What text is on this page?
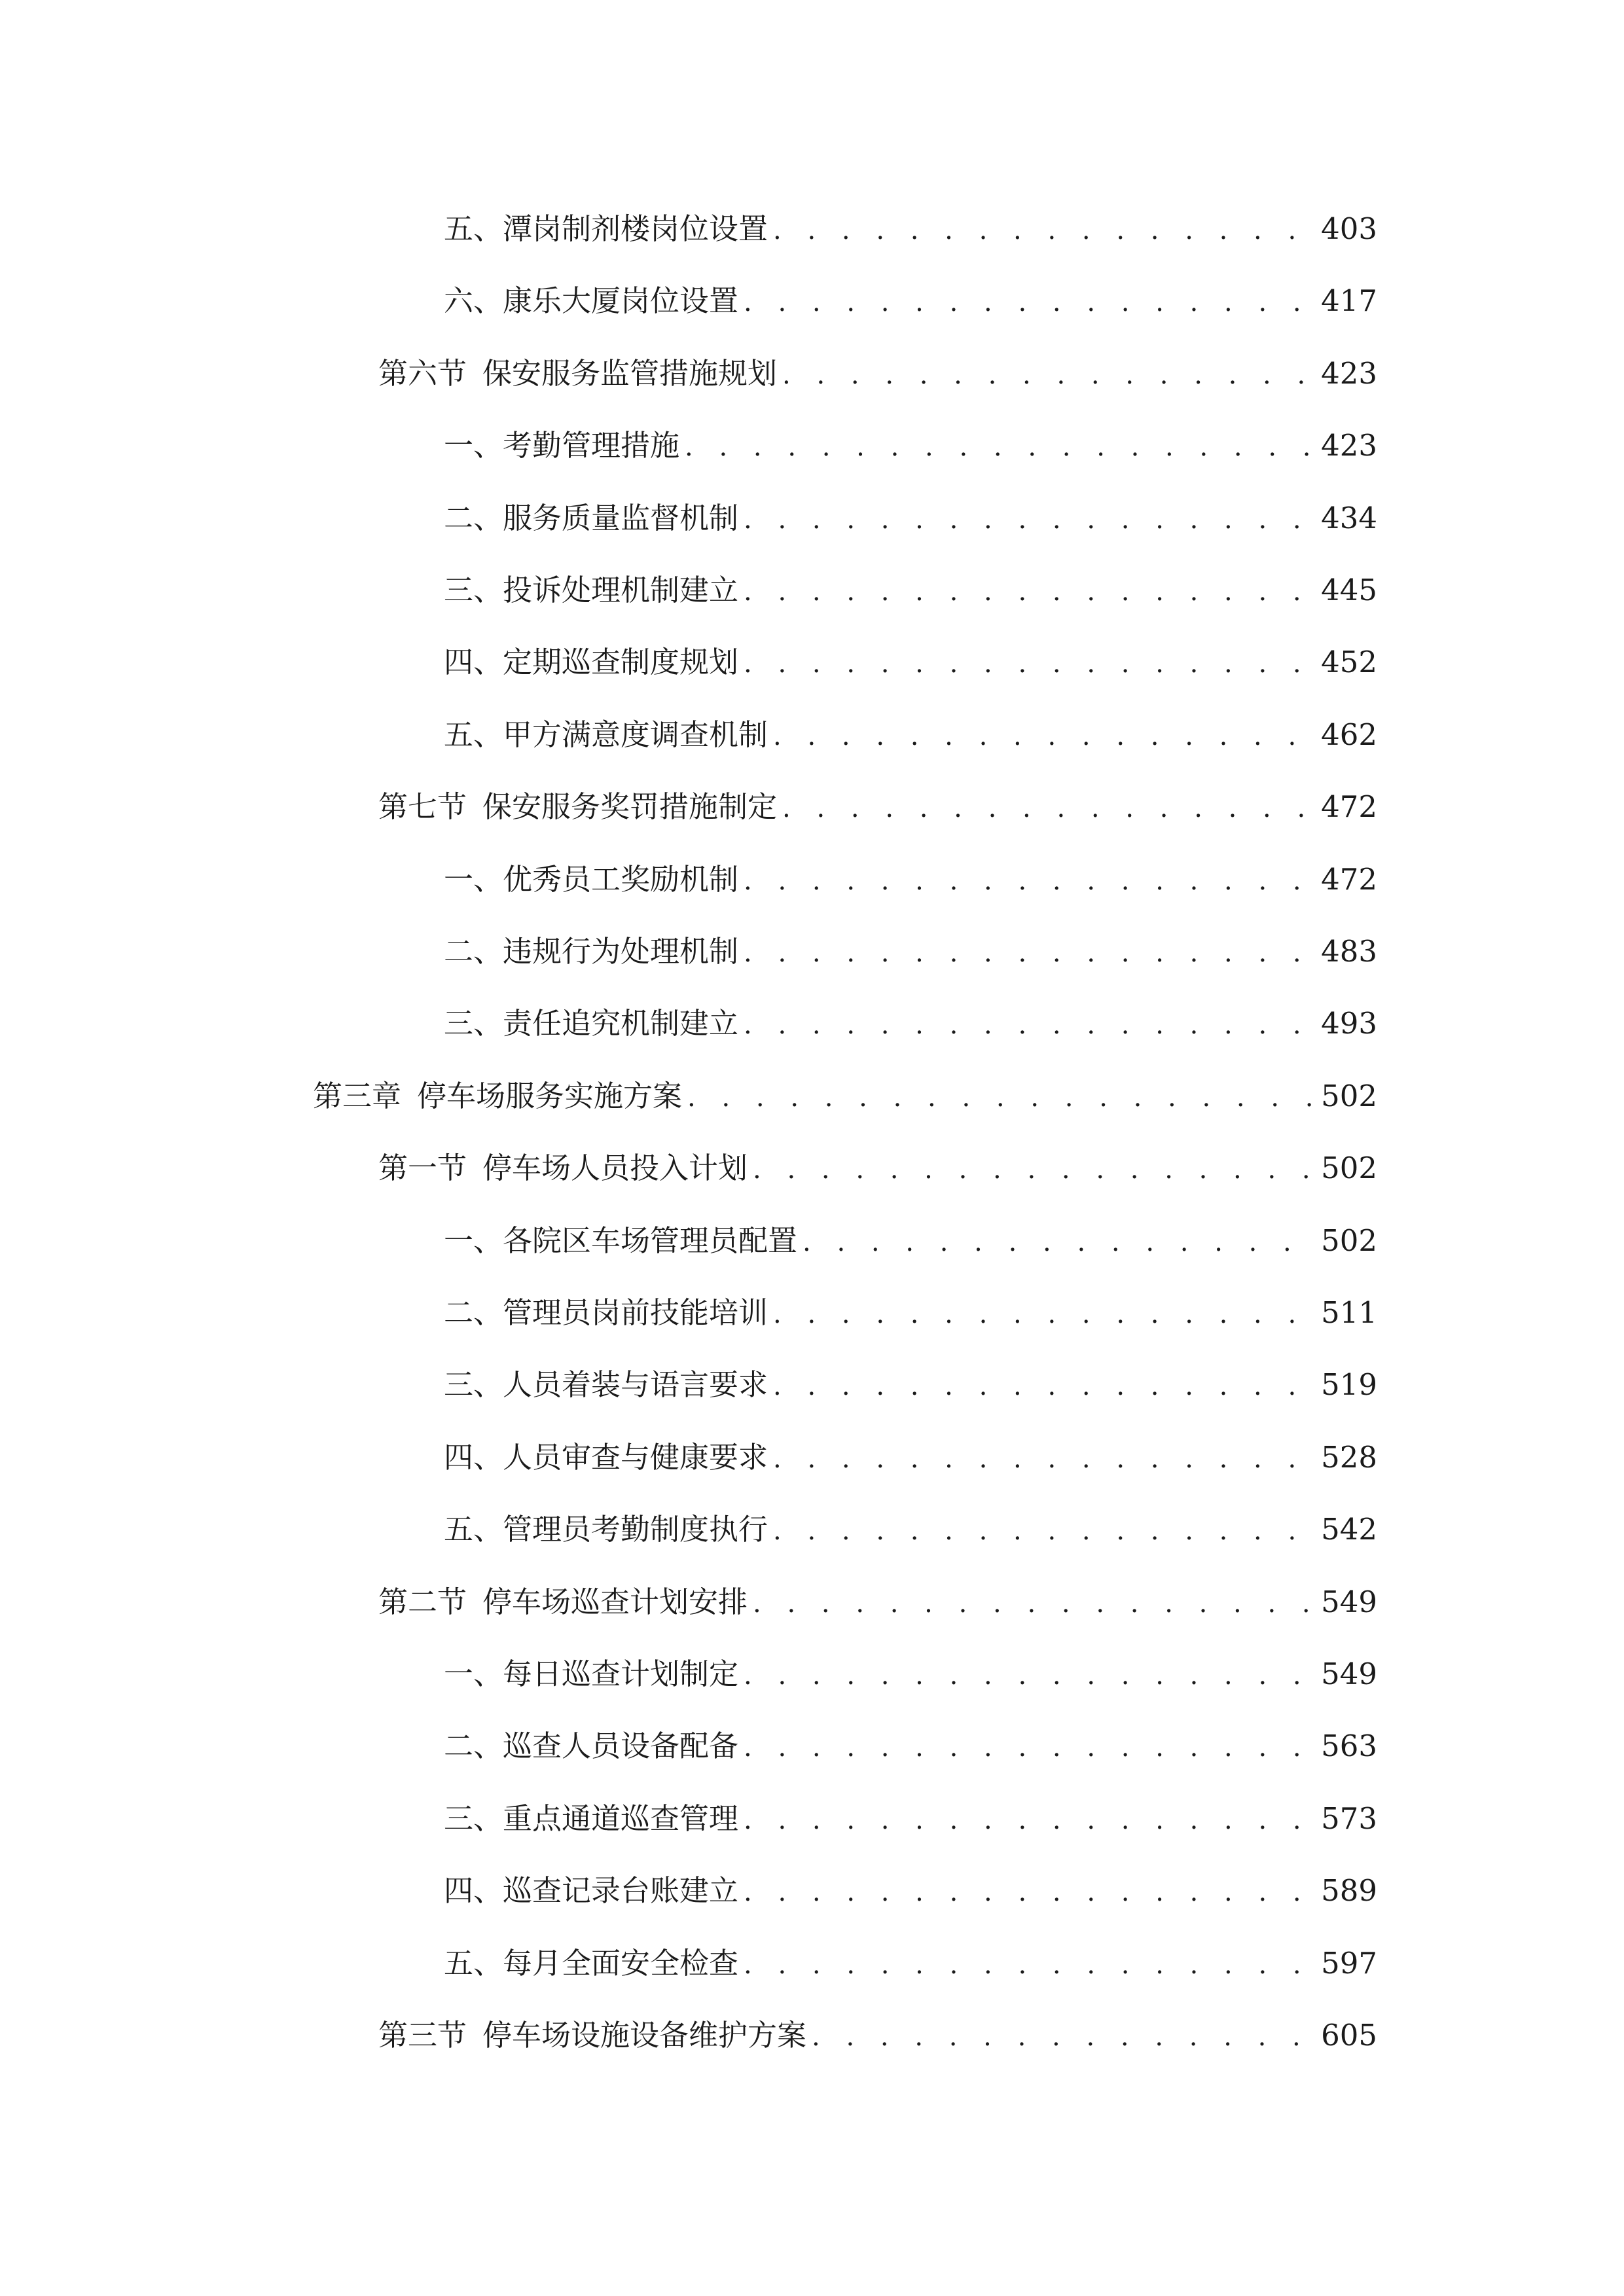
五、 潭岗制剂楼岗位设置 . . .	403
六、 康乐大厦岗位设置 . . .	417
第六节 保安服务监管措施规划 . . .	423
一、 考勤管理措施 . . .	423
二、 服务质量监督机制 . . .	434
三、 投诉处理机制建立 . . .	445
四、 定期巡查制度规划 . . .	452
五、 甲方满意度调查机制 . . .	462
第七节 保安服务奖罚措施制定 . . .	472
一、 优秀员工奖励机制 . . .	472
二、 违规行为处理机制 . . .	483
三、 责任追究机制建立 . . .	493
第三章 停车场服务实施方案 . . .	502
第一节 停车场人员投入计划 . . .	502
一、 各院区车场管理员配置 . . .	502
二、 管理员岗前技能培训 . . .	511
三、 人员着装与语言要求 . . .	519
四、 人员审查与健康要求 . . .	528
五、 管理员考勤制度执行 . . .	542
第二节 停车场巡查计划安排 . . .	549
一、 每日巡查计划制定 . . .	549
二、 巡查人员设备配备 . . .	563
三、 重点通道巡查管理 . . .	573
四、 巡查记录台账建立 . . .	589
五、 每月全面安全检查 . . .	597
第三节 停车场设施设备维护方案 . . .	605
